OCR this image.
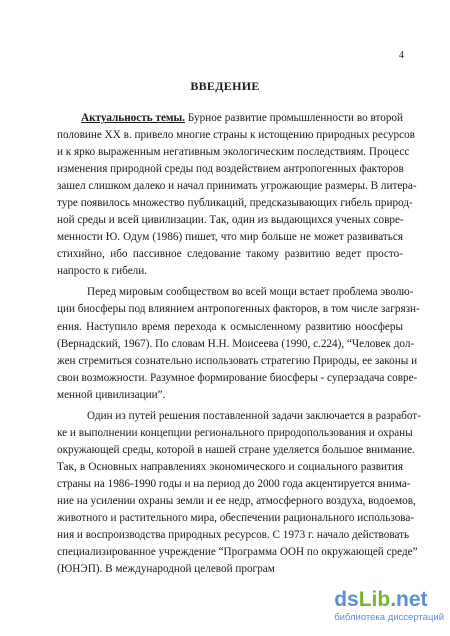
4
ВВЕДЕНИЕ
Актуальность темы. Бурное развитие промышленности во второй
половине XX в. привело многие страны к истощению природных ресурсов
и к ярко выраженным негативным экологическим последствиям. Процесс
изменения природной среды под воздействием антропогенных факторов
зашел слишком далеко и начал принимать угрожающие размеры. В литера-
туре появилось множество публикаций, предсказывающих гибель природ-
ной среды и всей цивилизации. Так, один из выдающихся ученых совре-
менности Ю. Одум (1986) пишет, что мир больше не может развиваться
стихийно, ибо пассивное следование такому развитию ведет просто-
напросто к гибели.
Перед мировым сообществом во всей мощи встает проблема эволю-
ции биосферы под влиянием антропогенных факторов, в том числе загрязн-
ения. Наступило время перехода к осмысленному развитию ноосферы
(Вернадский, 1967). По словам Н.Н. Моисеева (1990, с.224), “Человек дол-
жен стремиться сознательно использовать стратегию Природы, ее законы и
свои возможности. Разумное формирование биосферы - суперзадача совре-
менной цивилизации”.
Один из путей решения поставленной задачи заключается в разработ-
ке и выполнении концепции регионального природопользования и охраны
окружающей среды, которой в нашей стране уделяется большое внимание.
Так, в Основных направлениях экономического и социального развития
страны на 1986-1990 годы и на период до 2000 года акцентируется внима-
ние на усилении охраны земли и ее недр, атмосферного воздуха, водоемов,
животного и растительного мира, обеспечении рационального использова-
ния и воспроизводства природных ресурсов. С 1973 г. начало действовать
специализированное учреждение “Программа ООН по окружающей среде”
(ЮНЭП). В международной целевой програм
dsLib.net
библиотека диссертаций
